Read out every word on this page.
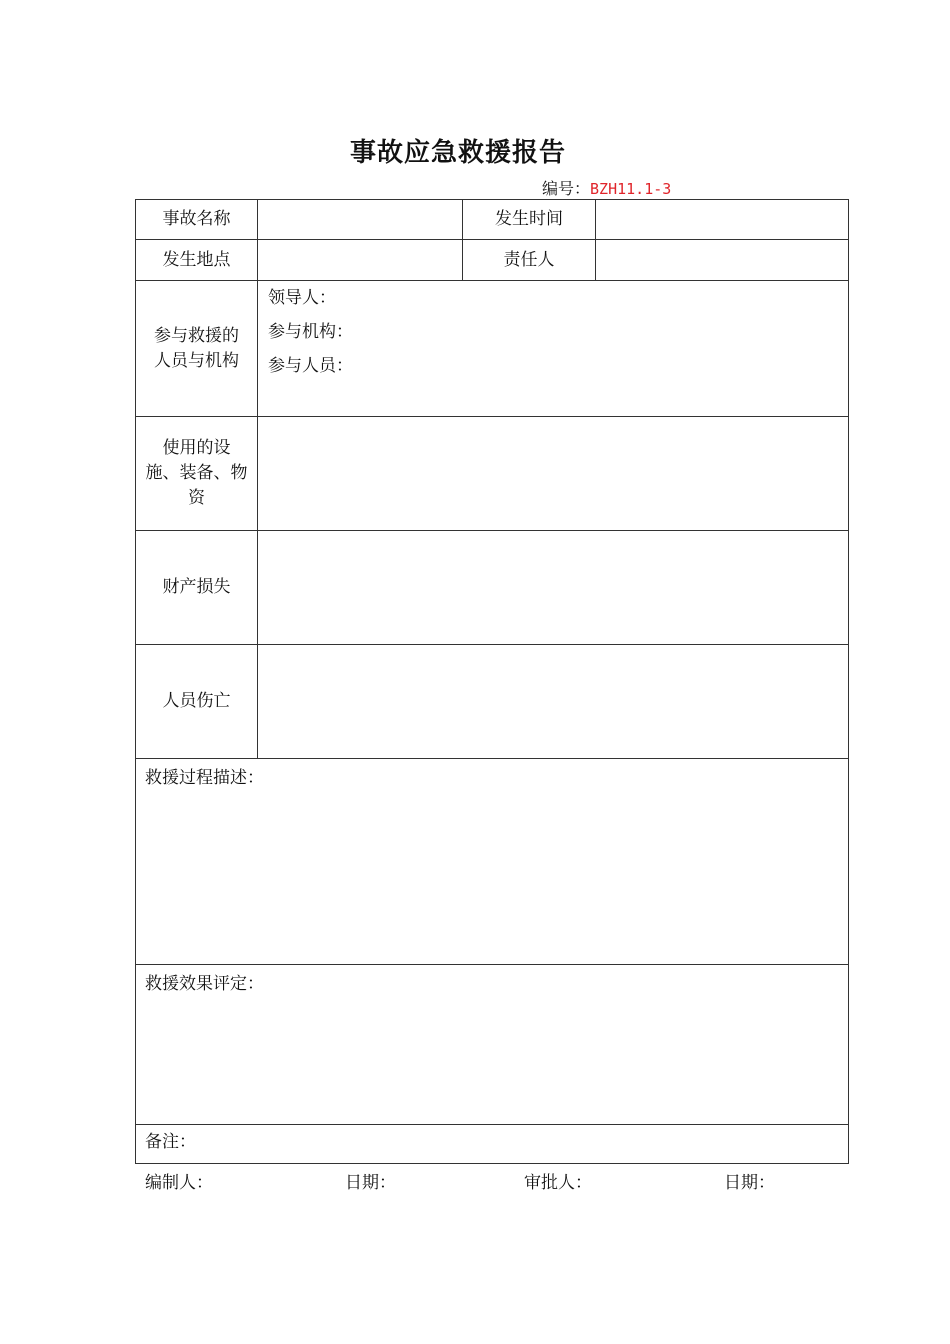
事故应急救援报告
编号：BZH11.1-3
事故名称	发生时间
发生地点	责任人
参与救援的
人员与机构
领导人：
参与机构：
参与人员：
使用的设
施、装备、物
资
财产损失
人员伤亡
救援过程描述：
救援效果评定：
备注：
编制人：	日期：	审批人：	日期：
